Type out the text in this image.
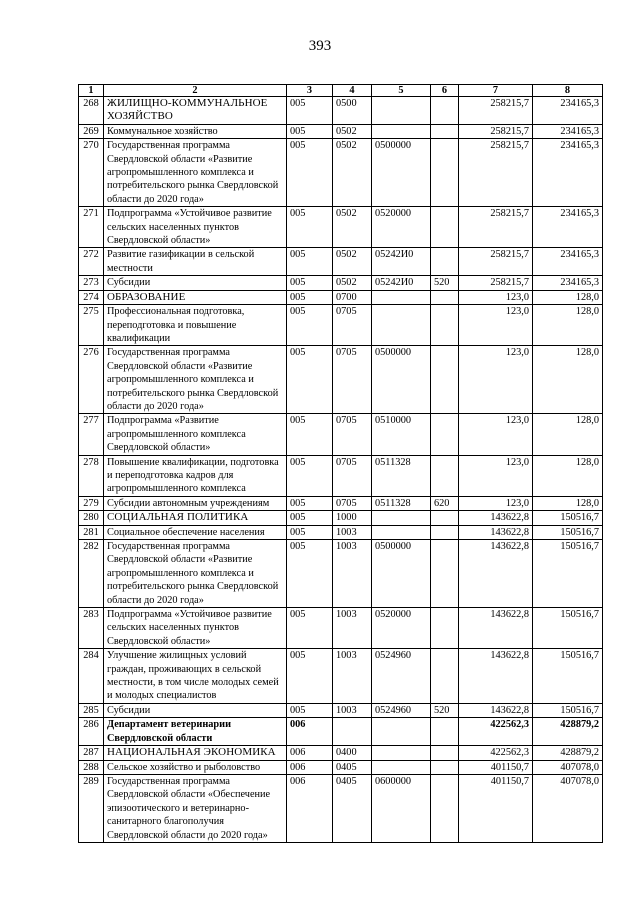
393
1	2	3	4	5	6	7	8
268	ЖИЛИЩНО-КОММУНАЛЬНОЕ ХОЗЯЙСТВО	005	0500			258215,7	234165,3
269	Коммунальное хозяйство	005	0502			258215,7	234165,3
270	Государственная программа Свердловской области «Развитие агропромышленного комплекса и потребительского рынка Свердловской области до 2020 года»	005	0502	0500000		258215,7	234165,3
271	Подпрограмма «Устойчивое развитие сельских населенных пунктов Свердловской области»	005	0502	0520000		258215,7	234165,3
272	Развитие газификации в сельской местности	005	0502	05242И0		258215,7	234165,3
273	Субсидии	005	0502	05242И0	520	258215,7	234165,3
274	ОБРАЗОВАНИЕ	005	0700			123,0	128,0
275	Профессиональная подготовка, переподготовка и повышение квалификации	005	0705			123,0	128,0
276	Государственная программа Свердловской области «Развитие агропромышленного комплекса и потребительского рынка Свердловской области до 2020 года»	005	0705	0500000		123,0	128,0
277	Подпрограмма «Развитие агропромышленного комплекса Свердловской области»	005	0705	0510000		123,0	128,0
278	Повышение квалификации, подготовка и переподготовка кадров для агропромышленного комплекса	005	0705	0511328		123,0	128,0
279	Субсидии автономным учреждениям	005	0705	0511328	620	123,0	128,0
280	СОЦИАЛЬНАЯ ПОЛИТИКА	005	1000			143622,8	150516,7
281	Социальное обеспечение населения	005	1003			143622,8	150516,7
282	Государственная программа Свердловской области «Развитие агропромышленного комплекса и потребительского рынка Свердловской области до 2020 года»	005	1003	0500000		143622,8	150516,7
283	Подпрограмма «Устойчивое развитие сельских населенных пунктов Свердловской области»	005	1003	0520000		143622,8	150516,7
284	Улучшение жилищных условий граждан, проживающих в сельской местности, в том числе молодых семей и молодых специалистов	005	1003	0524960		143622,8	150516,7
285	Субсидии	005	1003	0524960	520	143622,8	150516,7
286	Департамент ветеринарии Свердловской области	006				422562,3	428879,2
287	НАЦИОНАЛЬНАЯ ЭКОНОМИКА	006	0400			422562,3	428879,2
288	Сельское хозяйство и рыболовство	006	0405			401150,7	407078,0
289	Государственная программа Свердловской области «Обеспечение эпизоотического и ветеринарно-санитарного благополучия Свердловской области до 2020 года»	006	0405	0600000		401150,7	407078,0
